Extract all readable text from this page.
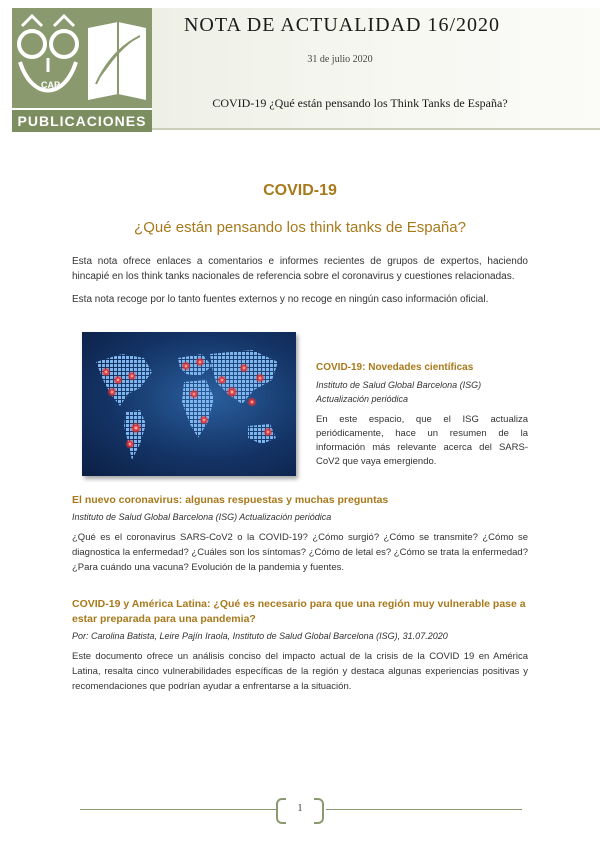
CAP
PUBLICACIONES
NOTA DE ACTUALIDAD 16/2020
31 de julio 2020
COVID-19 ¿Qué están pensando los Think Tanks de España?
COVID-19
¿Qué están pensando los think tanks de España?
Esta nota ofrece enlaces a comentarios e informes recientes de grupos de expertos, haciendo hincapié en los think tanks nacionales de referencia sobre el coronavirus y cuestiones relacionadas.
Esta nota recoge por lo tanto fuentes externos y no recoge en ningún caso información oficial.
COVID-19: Novedades científicas
Instituto de Salud Global Barcelona (ISG)
Actualización periódica
En este espacio, que el ISG actualiza periódicamente, hace un resumen de la información más relevante acerca del SARS-CoV2 que vaya emergiendo.
El nuevo coronavirus: algunas respuestas y muchas preguntas
Instituto de Salud Global Barcelona (ISG) Actualización periódica
¿Qué es el coronavirus SARS-CoV2 o la COVID-19? ¿Cómo surgió? ¿Cómo se transmite? ¿Cómo se diagnostica la enfermedad? ¿Cuáles son los síntomas? ¿Cómo de letal es? ¿Cómo se trata la enfermedad? ¿Para cuándo una vacuna? Evolución de la pandemia y fuentes.
COVID-19 y América Latina: ¿Qué es necesario para que una región muy vulnerable pase a estar preparada para una pandemia?
Por: Carolina Batista, Leire Pajín Iraola, Instituto de Salud Global Barcelona (ISG), 31.07.2020
Este documento ofrece un análisis conciso del impacto actual de la crisis de la COVID 19 en América Latina, resalta cinco vulnerabilidades específicas de la región y destaca algunas experiencias positivas y recomendaciones que podrían ayudar a enfrentarse a la situación.
1
